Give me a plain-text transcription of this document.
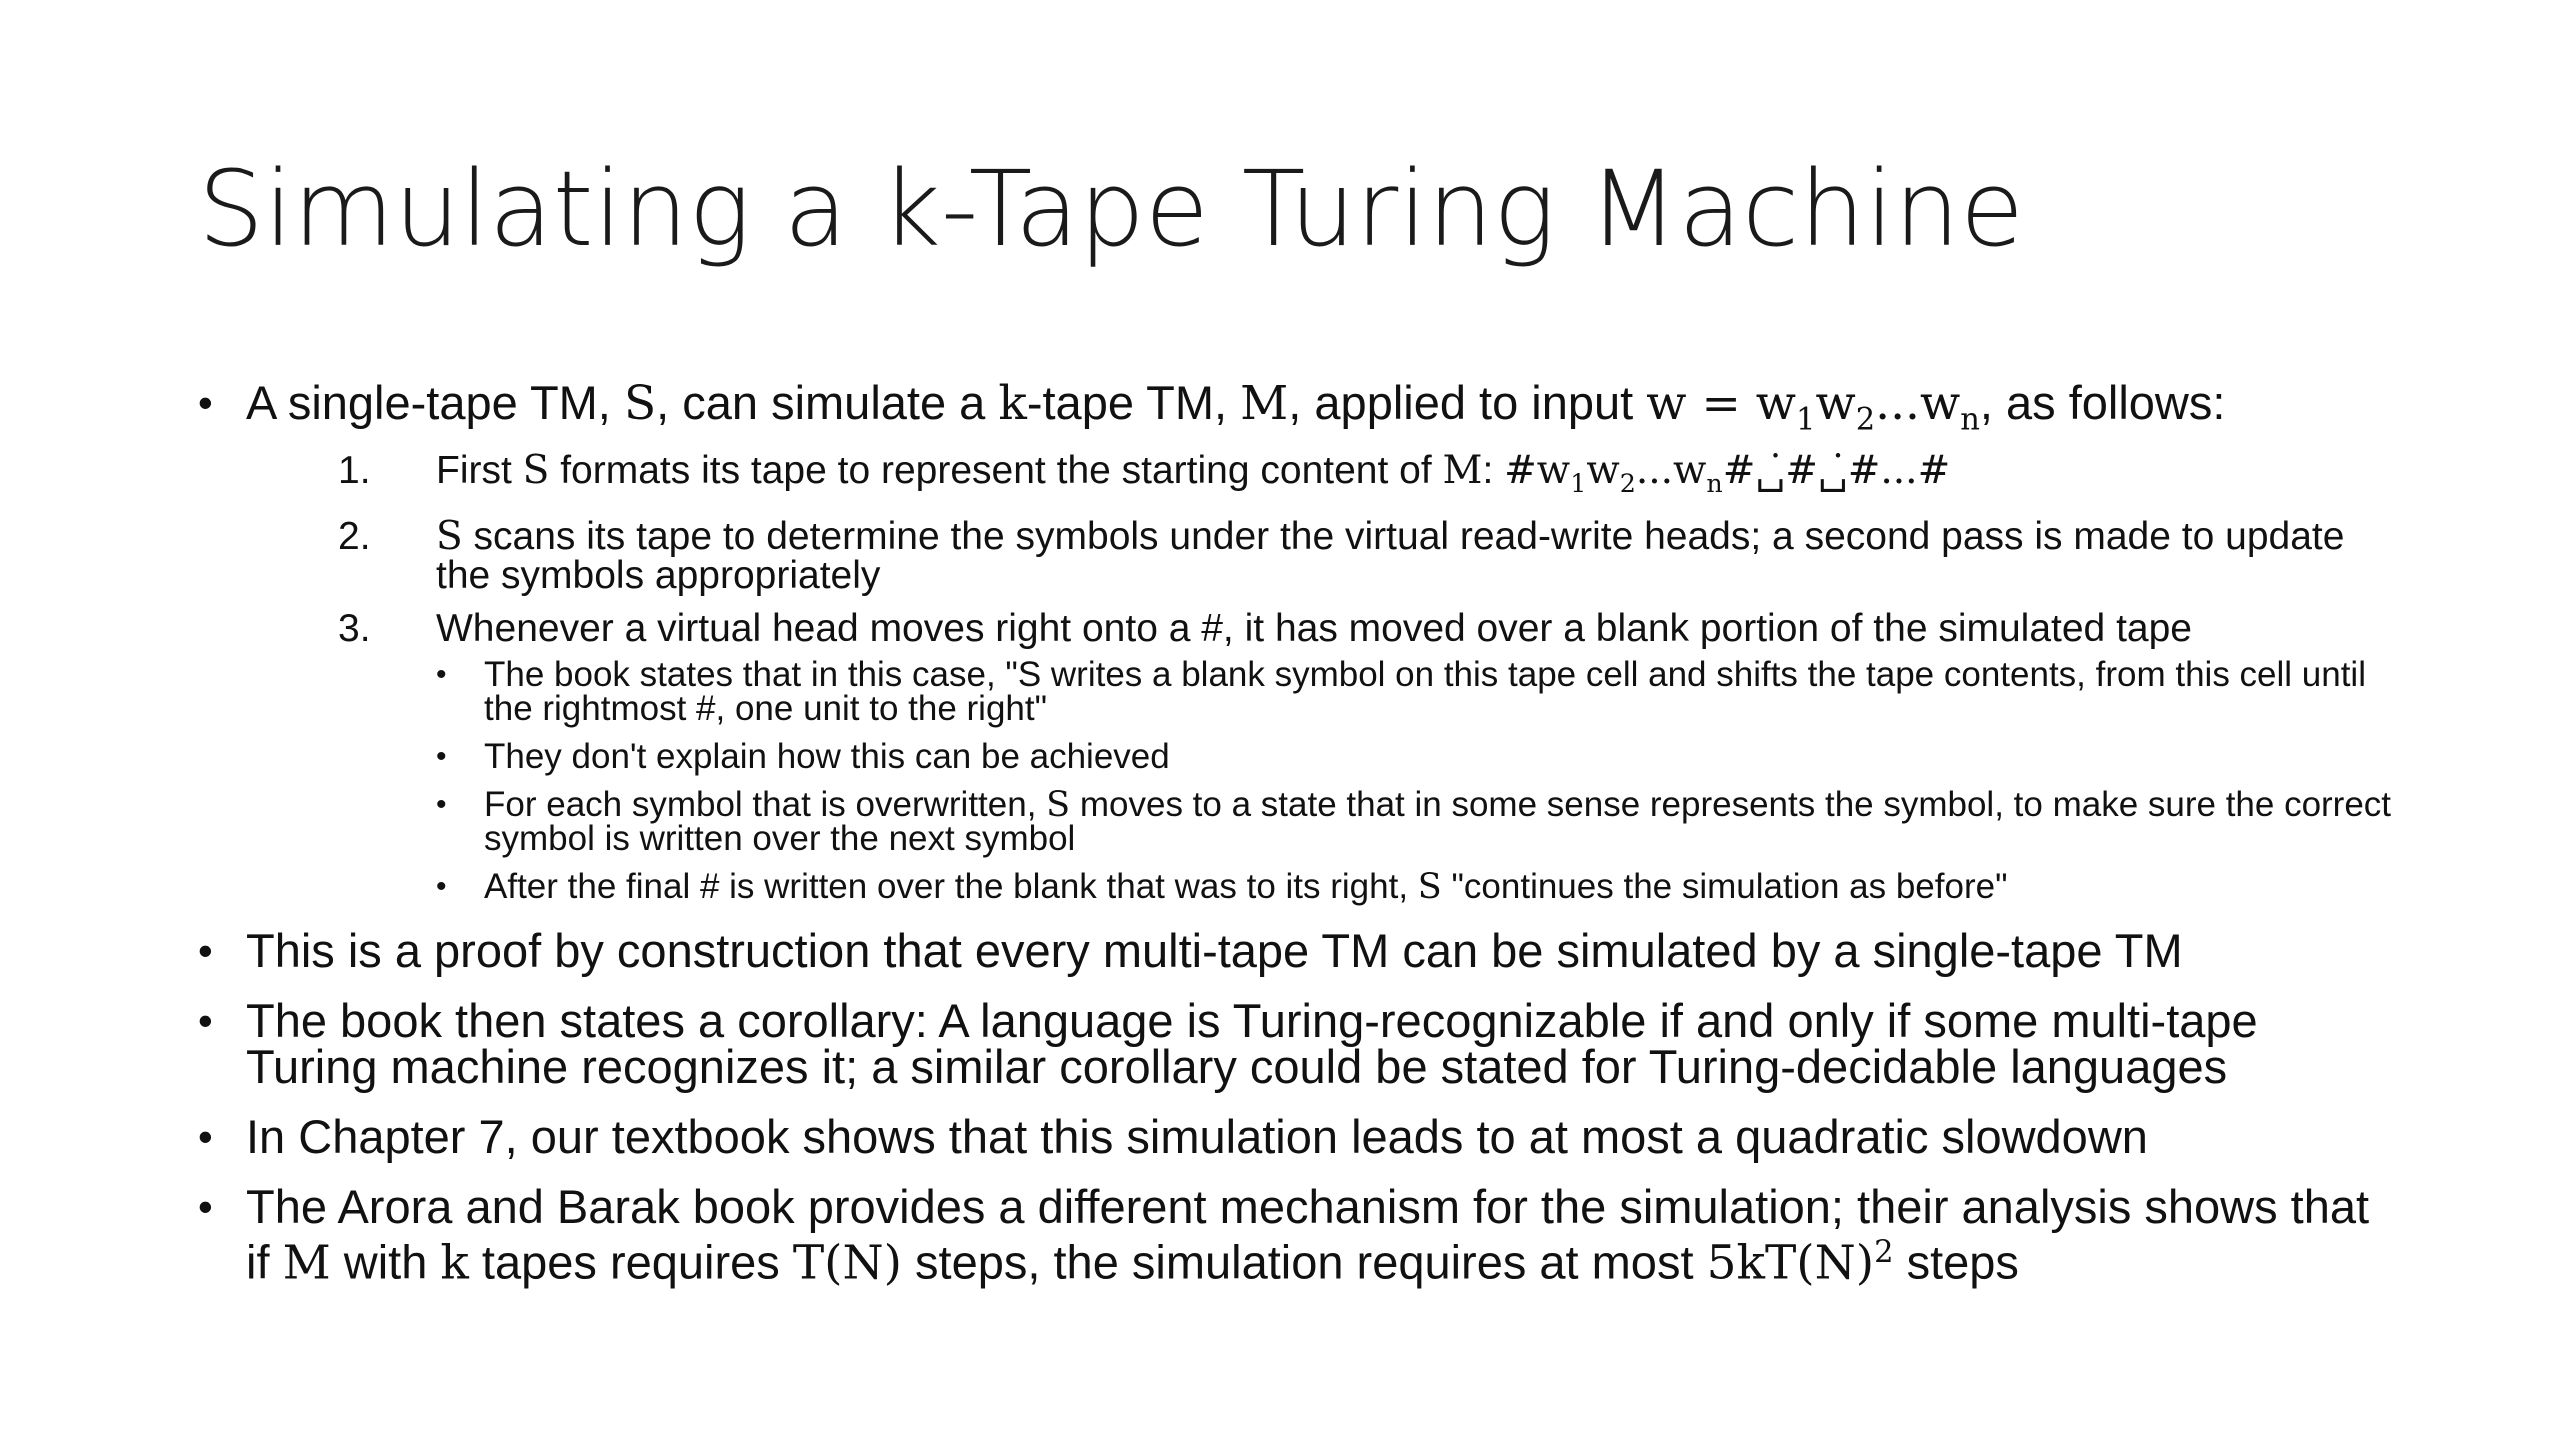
Simulating a k-Tape Turing Machine
• A single-tape TM, S, can simulate a k-tape TM, M, applied to input $w = w_1w_2...w_n$, as follows:
1. First S formats its tape to represent the starting content of M: $\#w_1w_2...w_n\#␣̇\#␣̇\#...\#$
2. S scans its tape to determine the symbols under the virtual read-write heads; a second pass is made to update the symbols appropriately
3. Whenever a virtual head moves right onto a #, it has moved over a blank portion of the simulated tape
• The book states that in this case, "S writes a blank symbol on this tape cell and shifts the tape contents, from this cell until the rightmost #, one unit to the right"
• They don't explain how this can be achieved
• For each symbol that is overwritten, S moves to a state that in some sense represents the symbol, to make sure the correct symbol is written over the next symbol
• After the final # is written over the blank that was to its right, S "continues the simulation as before"
• This is a proof by construction that every multi-tape TM can be simulated by a single-tape TM
• The book then states a corollary: A language is Turing-recognizable if and only if some multi-tape Turing machine recognizes it; a similar corollary could be stated for Turing-decidable languages
• In Chapter 7, our textbook shows that this simulation leads to at most a quadratic slowdown
• The Arora and Barak book provides a different mechanism for the simulation; their analysis shows that if M with k tapes requires T(N) steps, the simulation requires at most $5kT(N)^2$ steps
